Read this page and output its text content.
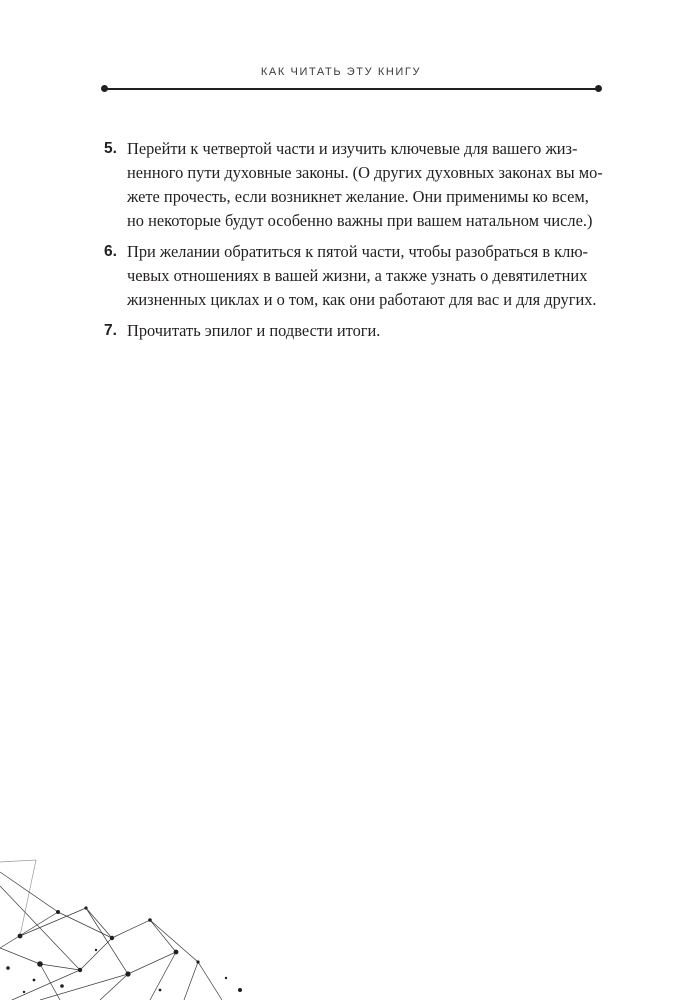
КАК ЧИТАТЬ ЭТУ КНИГУ
5. Перейти к четвертой части и изучить ключевые для вашего жиз-
ненного пути духовные законы. (О других духовных законах вы мо-
жете прочесть, если возникнет желание. Они применимы ко всем,
но некоторые будут особенно важны при вашем натальном числе.)
6. При желании обратиться к пятой части, чтобы разобраться в клю-
чевых отношениях в вашей жизни, а также узнать о девятилетних
жизненных циклах и о том, как они работают для вас и для других.
7. Прочитать эпилог и подвести итоги.
